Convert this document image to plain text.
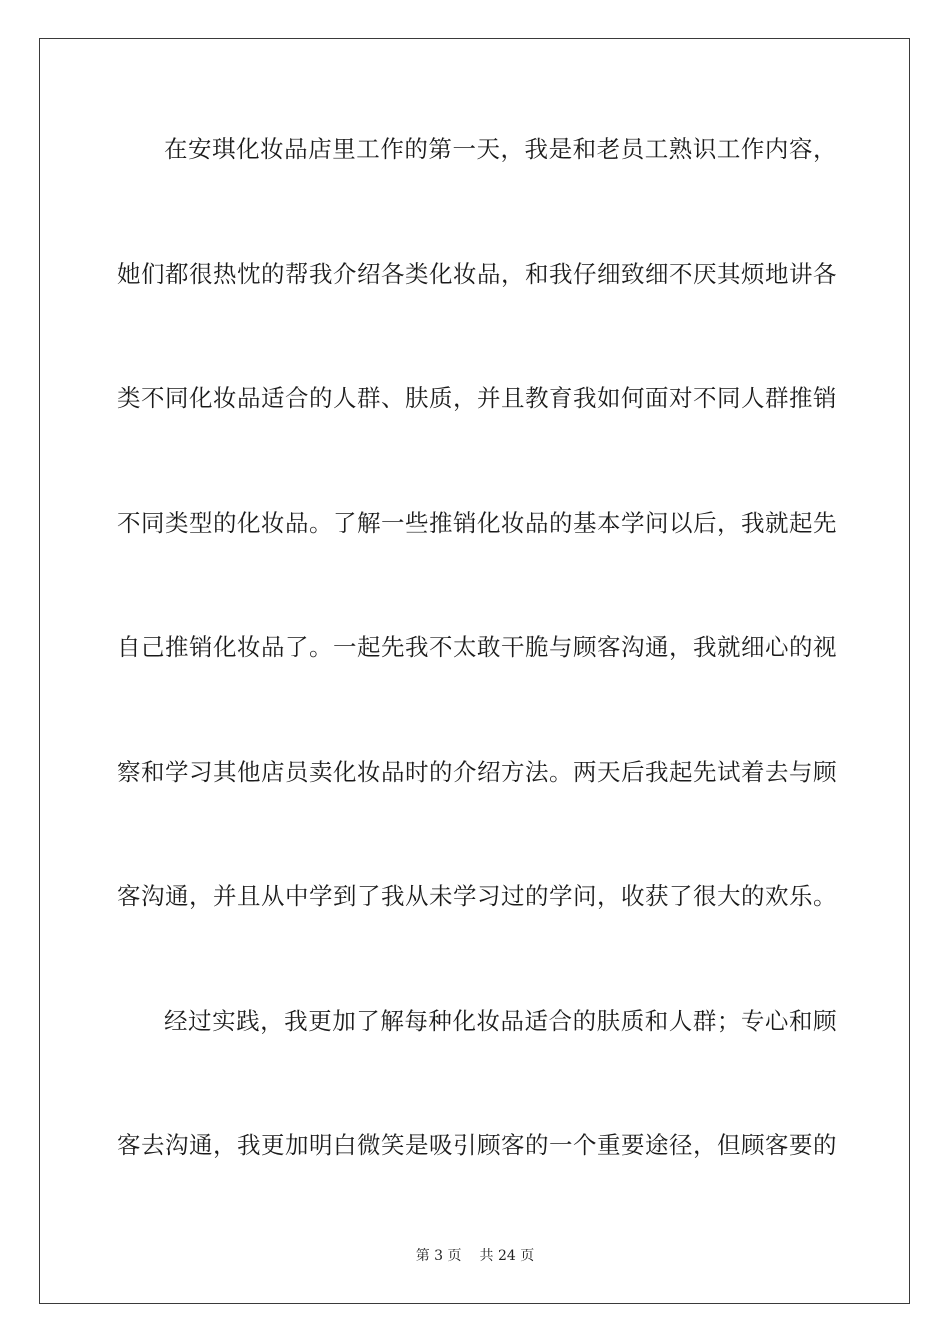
在安琪化妆品店里工作的第一天，我是和老员工熟识工作内容，
她们都很热忱的帮我介绍各类化妆品，和我仔细致细不厌其烦地讲各
类不同化妆品适合的人群、肤质，并且教育我如何面对不同人群推销
不同类型的化妆品。了解一些推销化妆品的基本学问以后，我就起先
自己推销化妆品了。一起先我不太敢干脆与顾客沟通，我就细心的视
察和学习其他店员卖化妆品时的介绍方法。两天后我起先试着去与顾
客沟通，并且从中学到了我从未学习过的学问，收获了很大的欢乐。
经过实践，我更加了解每种化妆品适合的肤质和人群；专心和顾
客去沟通，我更加明白微笑是吸引顾客的一个重要途径，但顾客要的
第 3 页 共 24 页
